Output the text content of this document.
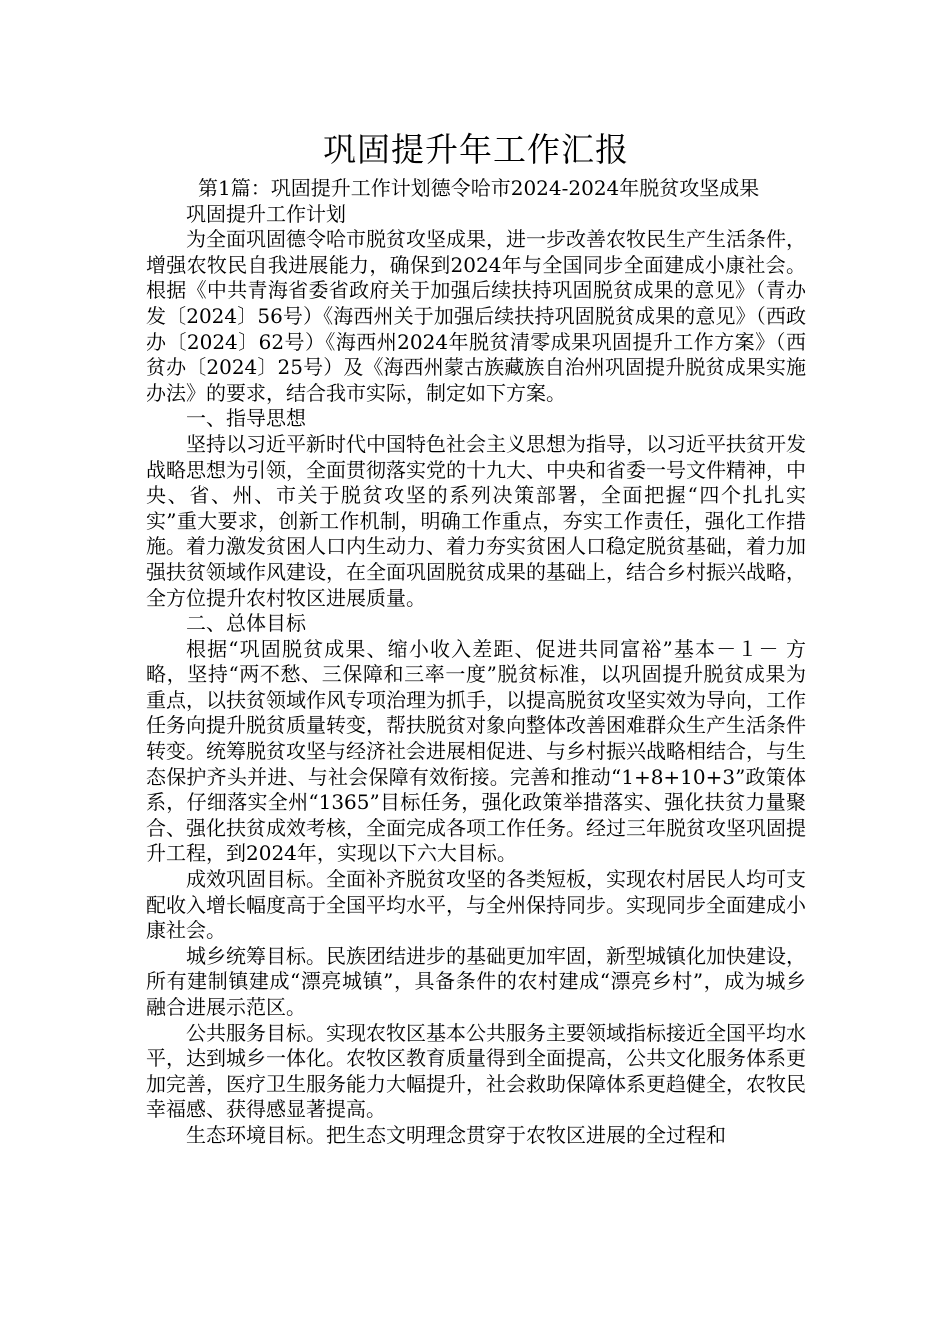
巩固提升年工作汇报

第1篇：巩固提升工作计划德令哈市2024-2024年脱贫攻坚成果

巩固提升工作计划

为全面巩固德令哈市脱贫攻坚成果，进一步改善农牧民生产生活条件，增强农牧民自我进展能力，确保到2024年与全国同步全面建成小康社会。根据《中共青海省委省政府关于加强后续扶持巩固脱贫成果的意见》（青办发〔2024〕56号）《海西州关于加强后续扶持巩固脱贫成果的意见》（西政办〔2024〕62号）《海西州2024年脱贫清零成果巩固提升工作方案》（西贫办〔2024〕25号）及《海西州蒙古族藏族自治州巩固提升脱贫成果实施办法》的要求，结合我市实际，制定如下方案。

一、指导思想

坚持以习近平新时代中国特色社会主义思想为指导，以习近平扶贫开发战略思想为引领，全面贯彻落实党的十九大、中央和省委一号文件精神，中央、省、州、市关于脱贫攻坚的系列决策部署，全面把握“四个扎扎实实”重大要求，创新工作机制，明确工作重点，夯实工作责任，强化工作措施。着力激发贫困人口内生动力、着力夯实贫困人口稳定脱贫基础，着力加强扶贫领域作风建设，在全面巩固脱贫成果的基础上，结合乡村振兴战略，全方位提升农村牧区进展质量。

二、总体目标

根据“巩固脱贫成果、缩小收入差距、促进共同富裕”基本－１－ 方略，坚持“两不愁、三保障和三率一度”脱贫标准，以巩固提升脱贫成果为重点，以扶贫领域作风专项治理为抓手，以提高脱贫攻坚实效为导向，工作任务向提升脱贫质量转变，帮扶脱贫对象向整体改善困难群众生产生活条件转变。统筹脱贫攻坚与经济社会进展相促进、与乡村振兴战略相结合，与生态保护齐头并进、与社会保障有效衔接。完善和推动“1+8+10+3”政策体系，仔细落实全州“1365”目标任务，强化政策举措落实、强化扶贫力量聚合、强化扶贫成效考核，全面完成各项工作任务。经过三年脱贫攻坚巩固提升工程，到2024年，实现以下六大目标。

成效巩固目标。全面补齐脱贫攻坚的各类短板，实现农村居民人均可支配收入增长幅度高于全国平均水平，与全州保持同步。实现同步全面建成小康社会。

城乡统筹目标。民族团结进步的基础更加牢固，新型城镇化加快建设，所有建制镇建成“漂亮城镇”，具备条件的农村建成“漂亮乡村”，成为城乡融合进展示范区。

公共服务目标。实现农牧区基本公共服务主要领域指标接近全国平均水平，达到城乡一体化。农牧区教育质量得到全面提高，公共文化服务体系更加完善，医疗卫生服务能力大幅提升，社会救助保障体系更趋健全，农牧民幸福感、获得感显著提高。

生态环境目标。把生态文明理念贯穿于农牧区进展的全过程和
